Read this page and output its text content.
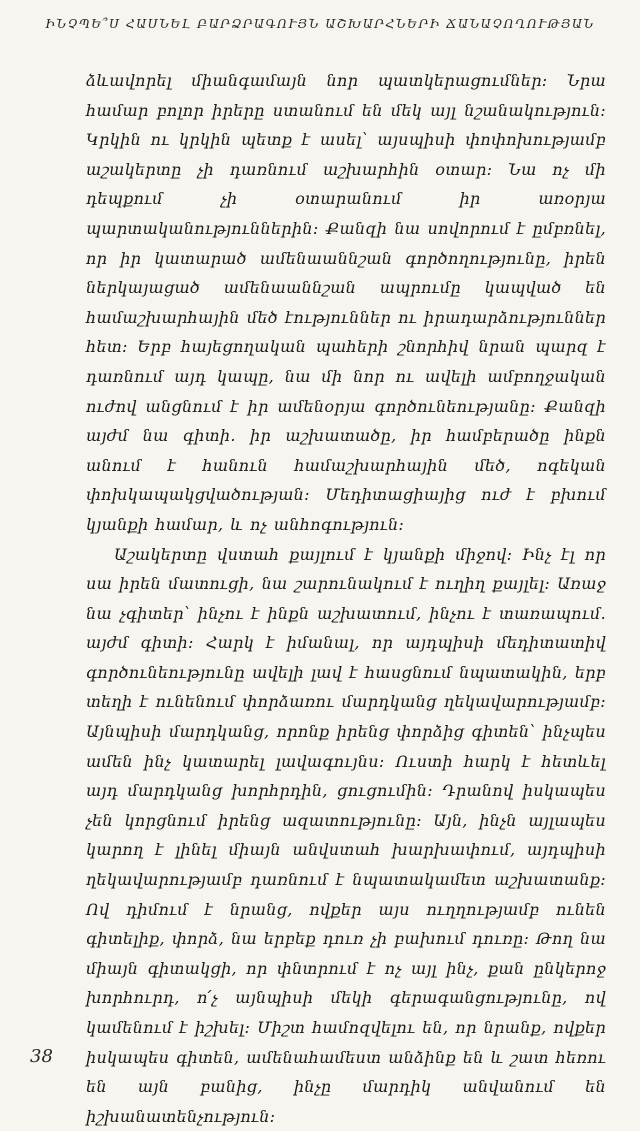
ԻՆՉՊԵ՞Ս ՀԱՍՆԵԼ ԲԱՐՁՐԱԳՈՒՅՆ ԱՇԽԱՐՀՆԵՐԻ ՃԱՆԱՉՈՂՈՒԹՅԱՆ

ձևավորել միանգամայն նոր պատկերացումներ: Նրա համար բոլոր իրերը ստանում են մեկ այլ նշանակություն: Կրկին ու կրկին պետք է ասել՝ այսպիսի փոփոխությամբ աշակերտը չի դառնում աշխարհին օտար: Նա ոչ մի դեպքում չի օտարանում իր առօրյա պարտականություններին: Քանզի նա սովորում է ըմբռնել, որ իր կատարած ամենաաննշան գործողությունը, իրեն ներկայացած ամենաաննշան ապրումը կապված են համաշխարհային մեծ էություններ ու իրադարձություններ հետ: Երբ հայեցողական պահերի շնորհիվ նրան պարզ է դառնում այդ կապը, նա մի նոր ու ավելի ամբողջական ուժով անցնում է իր ամենօրյա գործունեությանը: Քանզի այժմ նա գիտի. իր աշխատածը, իր համբերածը ինքն անում է հանուն համաշխարհային մեծ, ոգեկան փոխկապակցվածության: Մեդիտացիայից ուժ է բխում կյանքի համար, և ոչ անհոգություն:

Աշակերտը վստահ քայլում է կյանքի միջով: Ինչ էլ որ սա իրեն մատուցի, նա շարունակում է ուղիղ քայլել: Առաջ նա չգիտեր՝ ինչու է ինքն աշխատում, ինչու է տառապում. այժմ գիտի: Հարկ է իմանալ, որ այդպիսի մեդիտատիվ գործունեությունը ավելի լավ է հասցնում նպատակին, երբ տեղի է ունենում փորձառու մարդկանց ղեկավարությամբ: Այնպիսի մարդկանց, որոնք իրենց փորձից գիտեն՝ ինչպես ամեն ինչ կատարել լավագույնս: Ուստի հարկ է հետևել այդ մարդկանց խորհրդին, ցուցումին: Դրանով իսկապես չեն կորցնում իրենց ազատությունը: Այն, ինչն այլապես կարող է լինել միայն անվստահ խարխափում, այդպիսի ղեկավարությամբ դառնում է նպատակամետ աշխատանք: Ով դիմում է նրանց, ովքեր այս ուղղությամբ ունեն գիտելիք, փորձ, նա երբեք դուռ չի բախում դուռը: Թող նա միայն գիտակցի, որ փնտրում է ոչ այլ ինչ, քան ընկերոջ խորհուրդ, ո՛չ այնպիսի մեկի գերագանցությունը, ով կամենում է իշխել: Միշտ համոզվելու են, որ նրանք, ովքեր իսկապես գիտեն, ամենահամեստ անձինք են և շատ հեռու են այն բանից, ինչը մարդիկ անվանում են իշխանատենչություն:

38
